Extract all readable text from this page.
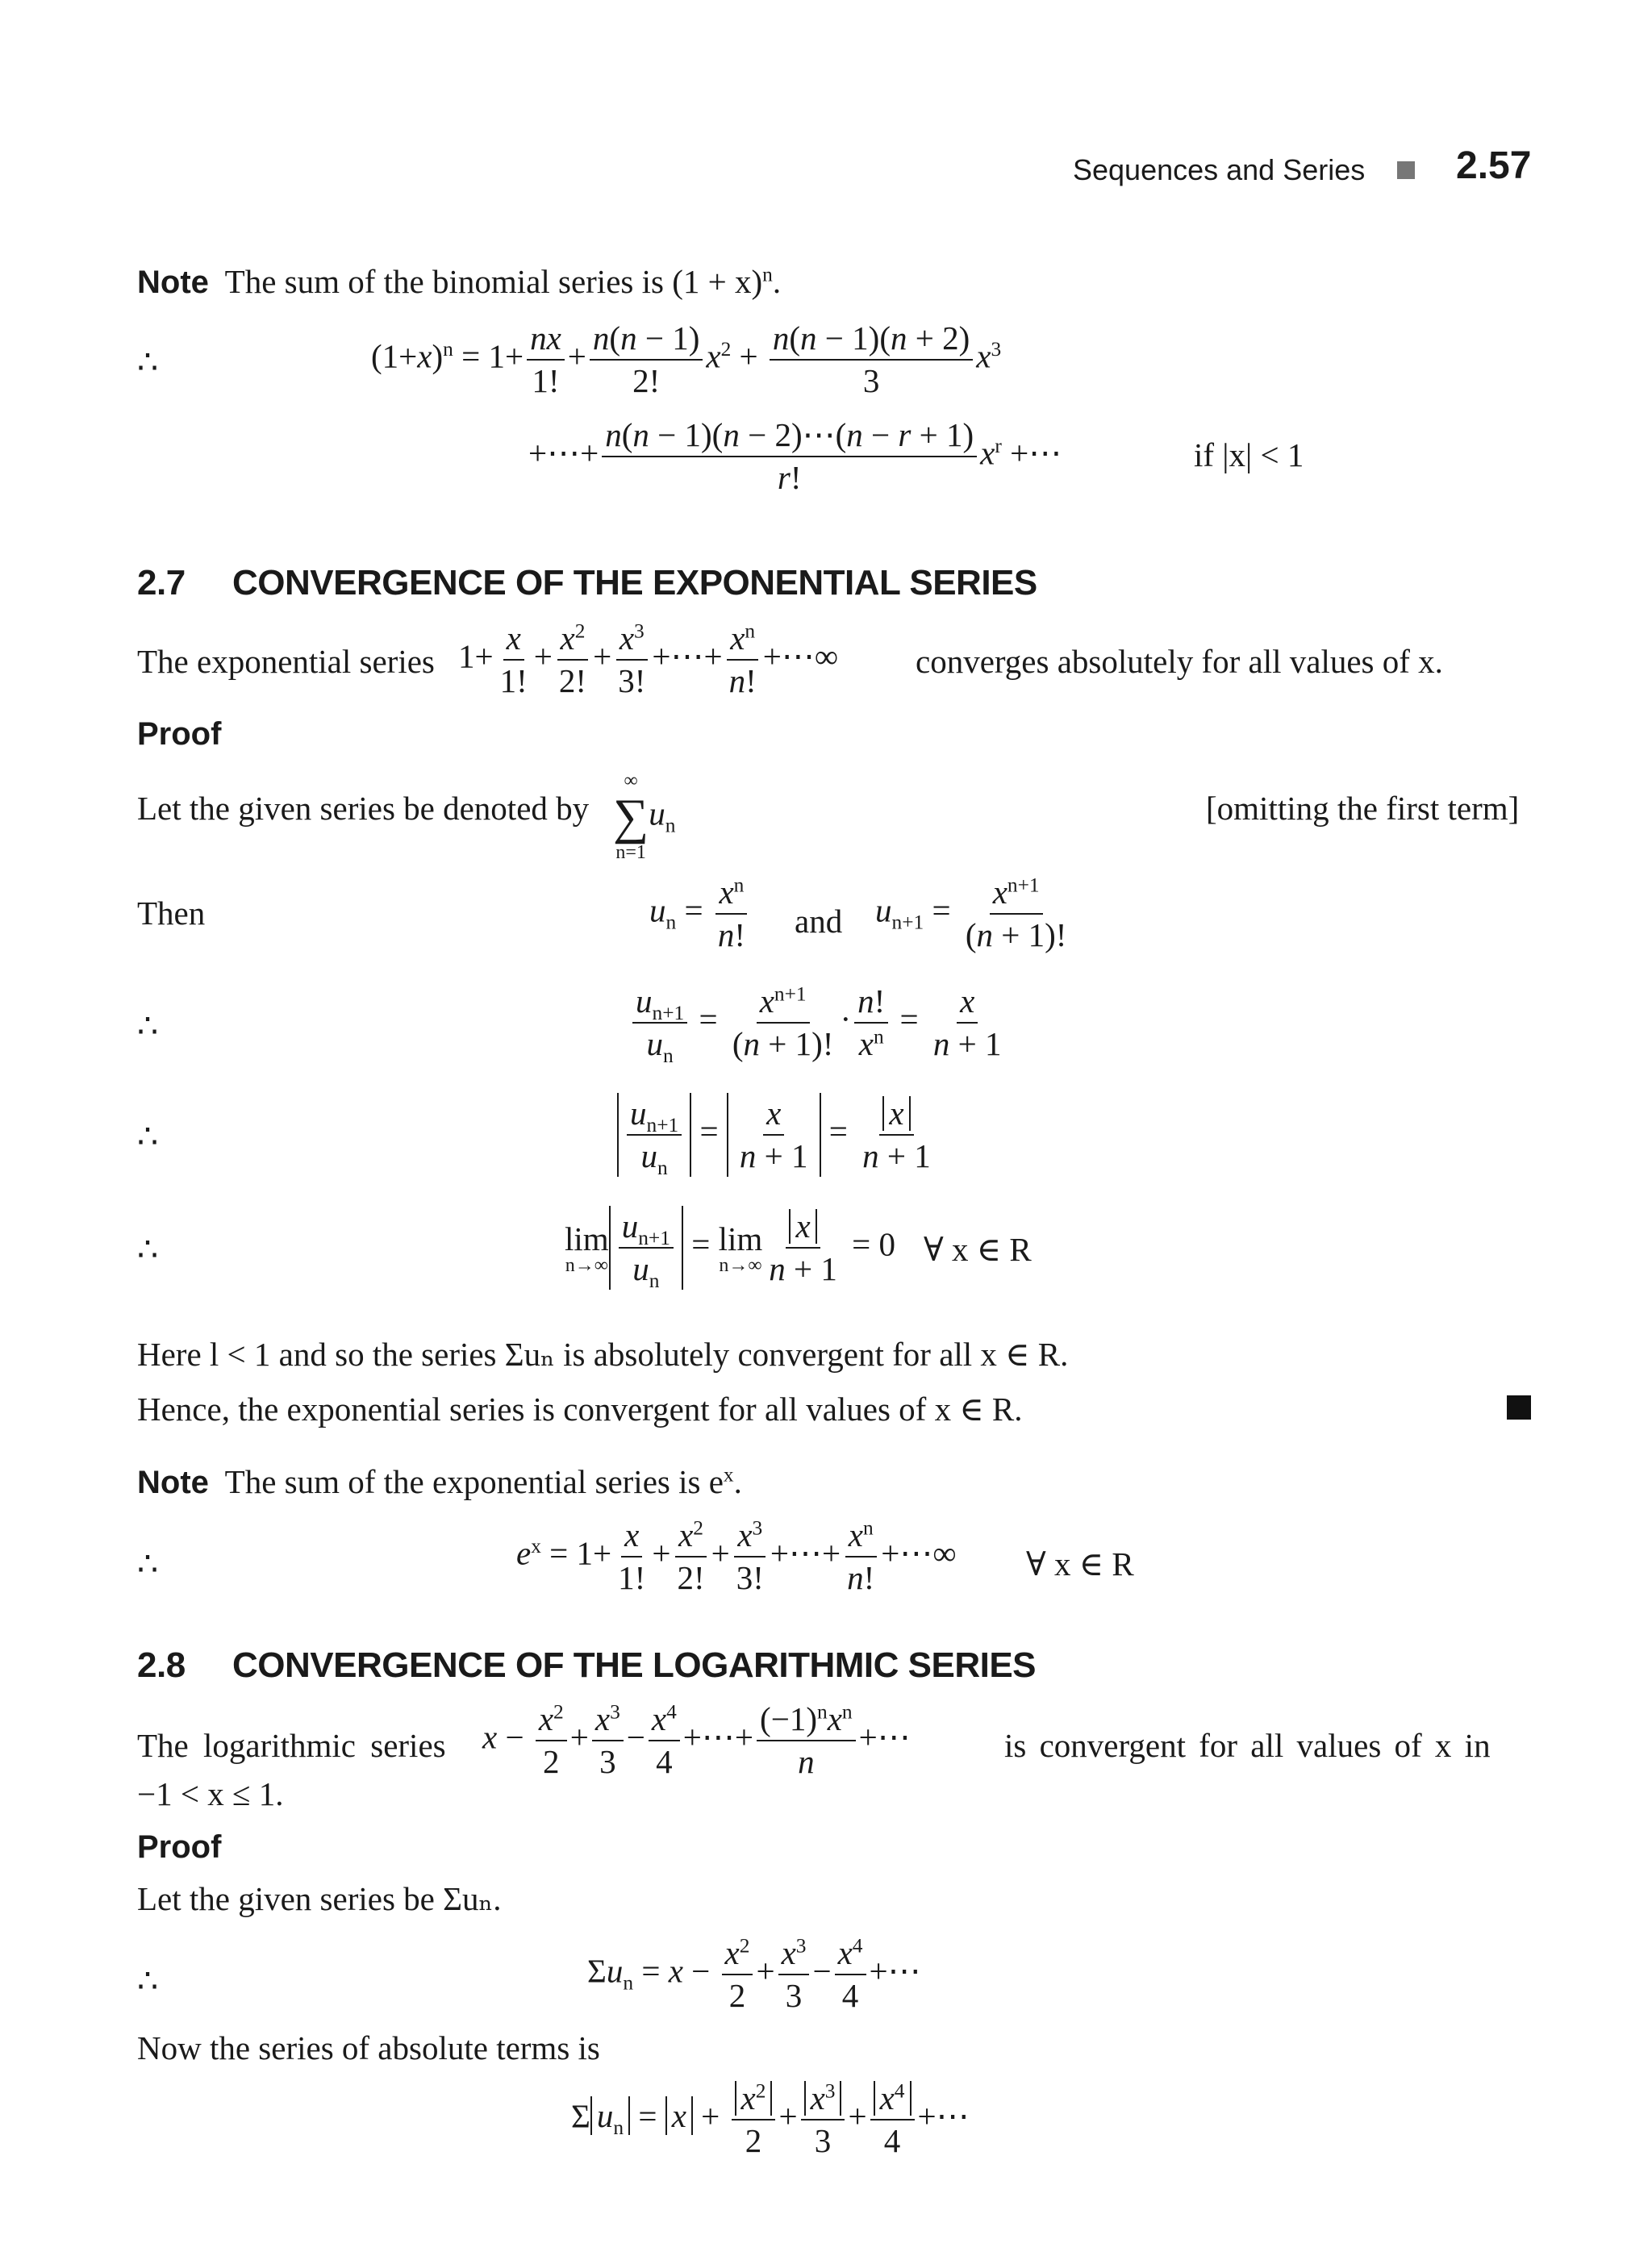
Sequences and Series 2.57
Note The sum of the binomial series is $(1 + x)^n$.
∴	$(1+x)^n = 1+ \frac{nx}{1!} + \frac{n(n - 1)}{2!} x^2 + \frac{n(n - 1)(n + 2)}{3} x^3$
+⋯+ $\frac{n(n - 1)(n - 2)\cdots(n - r + 1)}{r!} x^r$ +⋯	if |x| < 1
2.7 CONVERGENCE OF THE EXPONENTIAL SERIES
The exponential series $1+ \frac{x}{1!} + \frac{x^2}{2!} + \frac{x^3}{3!}$ +⋯+ $\frac{x^n}{n!}$ +⋯∞ converges absolutely for all values of x.
Proof
Let the given series be denoted by
∞
∑
n=1
$u_n$	[omitting the first term]
Then	$u_n = \frac{x^n}{n!}$ and $u_{n+1} = \frac{x^{n+1}}{(n + 1)!}$
∴	$\frac{u_{n+1}}{u_n} = \frac{x^{n+1}}{(n + 1)!} \cdot \frac{n!}{x^n} = \frac{x}{n + 1}$
∴	$\frac{u_{n+1}}{u_n} = \frac{x}{n + 1} = \frac{x}{n + 1}$
∴	lim
$n\to\infty \frac{u_{n+1}}{u_n} = \lim$
$n\to\infty \frac{x}{n + 1} = 0$ ∀ x ∈ R
Here l < 1 and so the series Σuₙ is absolutely convergent for all x ∈ R.
Hence, the exponential series is convergent for all values of x ∈ R.
Note The sum of the exponential series is $e^x$.
∴	$e^x = 1+ \frac{x}{1!} + \frac{x^2}{2!} + \frac{x^3}{3!}$ +⋯+ $\frac{x^n}{n!}$ +⋯∞ ∀ x ∈ R
2.8 CONVERGENCE OF THE LOGARITHMIC SERIES
The logarithmic series $x - \frac{x^2}{2} + \frac{x^3}{3} - \frac{x^4}{4}$ +⋯+ $\frac{(-1)^nx^n}{n}$ +⋯	is convergent for all values of x in
−1 < x ≤ 1.
Proof
Let the given series be Σuₙ.
∴	$\Sigma u_n = x - \frac{x^2}{2} + \frac{x^3}{3} - \frac{x^4}{4}$ +⋯
Now the series of absolute terms is
Σ $u_n = x + \frac{x^2}{2} + \frac{x^3}{3} + \frac{x^4}{4}$ +⋯
